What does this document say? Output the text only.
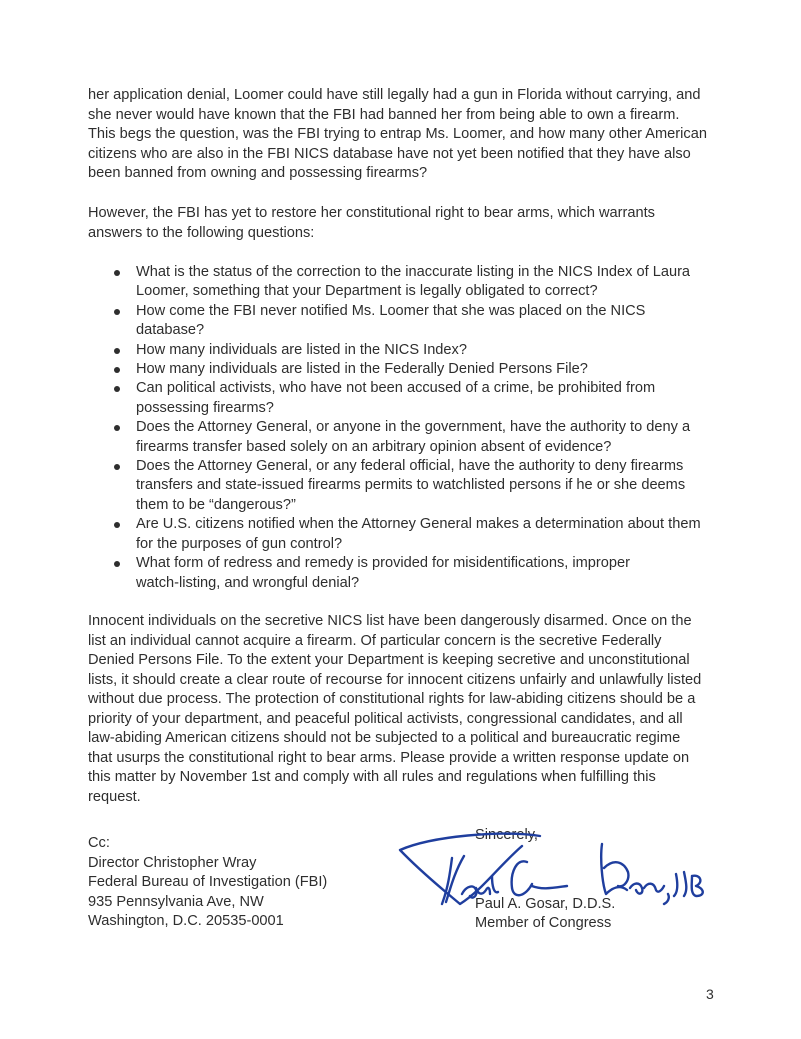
her application denial, Loomer could have still legally had a gun in Florida without carrying, and
she never would have known that the FBI had banned her from being able to own a firearm.
This begs the question, was the FBI trying to entrap Ms. Loomer, and how many other American
citizens who are also in the FBI NICS database have not yet been notified that they have also
been banned from owning and possessing firearms?

However, the FBI has yet to restore her constitutional right to bear arms, which warrants
answers to the following questions:

What is the status of the correction to the inaccurate listing in the NICS Index of Laura
Loomer, something that your Department is legally obligated to correct?
How come the FBI never notified Ms. Loomer that she was placed on the NICS
database?
How many individuals are listed in the NICS Index?
How many individuals are listed in the Federally Denied Persons File?
Can political activists, who have not been accused of a crime, be prohibited from
possessing firearms?
Does the Attorney General, or anyone in the government, have the authority to deny a
firearms transfer based solely on an arbitrary opinion absent of evidence?
Does the Attorney General, or any federal official, have the authority to deny firearms
transfers and state-issued firearms permits to watchlisted persons if he or she deems
them to be “dangerous?”
Are U.S. citizens notified when the Attorney General makes a determination about them
for the purposes of gun control?
What form of redress and remedy is provided for misidentifications, improper
watch-listing, and wrongful denial?

Innocent individuals on the secretive NICS list have been dangerously disarmed. Once on the
list an individual cannot acquire a firearm. Of particular concern is the secretive Federally
Denied Persons File. To the extent your Department is keeping secretive and unconstitutional
lists, it should create a clear route of recourse for innocent citizens unfairly and unlawfully listed
without due process. The protection of constitutional rights for law-abiding citizens should be a
priority of your department, and peaceful political activists, congressional candidates, and all
law-abiding American citizens should not be subjected to a political and bureaucratic regime
that usurps the constitutional right to bear arms. Please provide a written response update on
this matter by November 1st and comply with all rules and regulations when fulfilling this
request.

Cc:
Director Christopher Wray
Federal Bureau of Investigation (FBI)
935 Pennsylvania Ave, NW
Washington, D.C. 20535-0001
Sincerely,
Paul A. Gosar, D.D.S.
Member of Congress
3
